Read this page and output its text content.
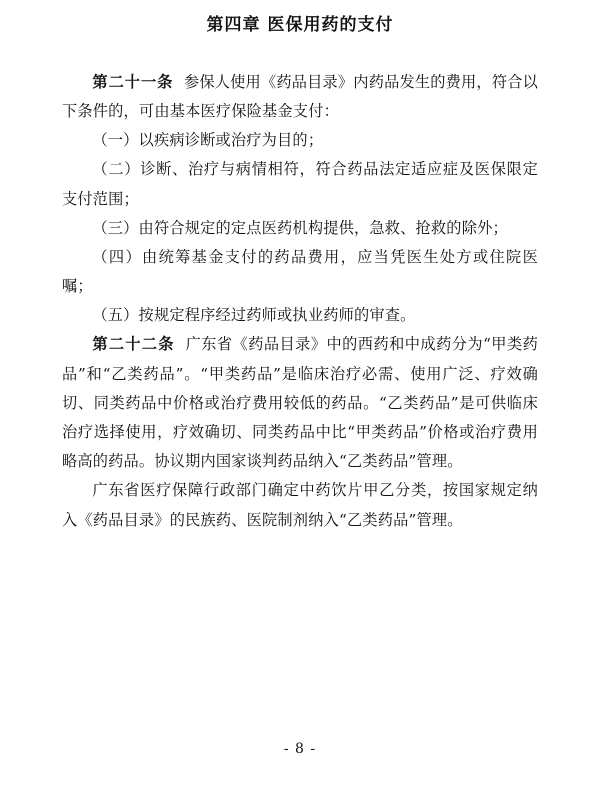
第四章 医保用药的支付

第二十一条 参保人使用《药品目录》内药品发生的费用，符合以下条件的，可由基本医疗保险基金支付：

（一）以疾病诊断或治疗为目的；

（二）诊断、治疗与病情相符，符合药品法定适应症及医保限定支付范围；

（三）由符合规定的定点医药机构提供，急救、抢救的除外；

（四）由统筹基金支付的药品费用，应当凭医生处方或住院医嘱；

（五）按规定程序经过药师或执业药师的审查。

第二十二条 广东省《药品目录》中的西药和中成药分为“甲类药品”和“乙类药品”。“甲类药品”是临床治疗必需、使用广泛、疗效确切、同类药品中价格或治疗费用较低的药品。“乙类药品”是可供临床治疗选择使用，疗效确切、同类药品中比“甲类药品”价格或治疗费用略高的药品。协议期内国家谈判药品纳入“乙类药品”管理。

广东省医疗保障行政部门确定中药饮片甲乙分类，按国家规定纳入《药品目录》的民族药、医院制剂纳入“乙类药品”管理。

- 8 -
